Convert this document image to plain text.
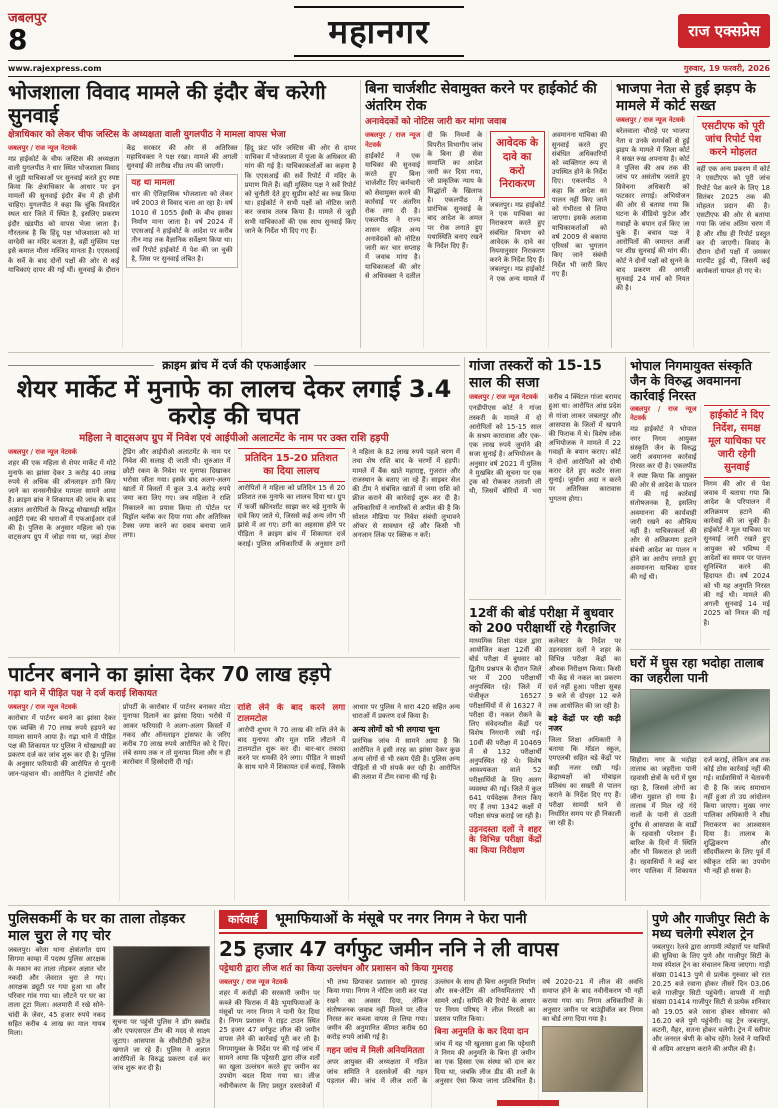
जबलपुर
8	महानगर	राज एक्सप्रेस
www.rajexpress.com	गुरुवार, 19 फरवरी, 2026
भोजशाला विवाद मामले की इंदौर बेंच करेगी सुनवाई
क्षेत्राधिकार को लेकर चीफ जस्टिस के अध्यक्षता वाली युगलपीठ ने मामला वापस भेजा
जबलपुर / राज न्यूज नेटवर्क
मप्र हाईकोर्ट के चीफ जस्टिस की अध्यक्षता वाली युगलपीठ ने धार स्थित भोजशाला विवाद से जुड़ी याचिकाओं पर सुनवाई करते हुए स्पष्ट किया कि क्षेत्राधिकार के आधार पर इन मामलों की सुनवाई इंदौर बेंच में ही होनी चाहिए। युगलपीठ ने कहा कि चूंकि विवादित स्थल धार जिले में स्थित है, इसलिए प्रकरण इंदौर खंडपीठ को वापस भेजा जाता है। गौरतलब है कि हिंदू पक्ष भोजशाला को मां वाग्देवी का मंदिर बताता है, वहीं मुस्लिम पक्ष इसे कमाल मौला मस्जिद मानता है। एएसआई के सर्वे के बाद दोनों पक्षों की ओर से कई याचिकाएं दायर की गई थीं। सुनवाई के दौरान केंद्र सरकार की ओर से अतिरिक्त महाधिवक्ता ने पक्ष रखा। मामले की अगली सुनवाई की तारीख शीघ्र तय की जाएगी।
यह था मामला
धार की ऐतिहासिक भोजशाला को लेकर वर्ष 2003 से विवाद चला आ रहा है। वर्ष 1010 से 1055 ईस्वी के बीच इसका निर्माण माना जाता है। वर्ष 2024 में एएसआई ने हाईकोर्ट के आदेश पर करीब तीन माह तक वैज्ञानिक सर्वेक्षण किया था। सर्वे रिपोर्ट हाईकोर्ट में पेश की जा चुकी है, जिस पर सुनवाई लंबित है।
हिंदू फ्रंट फॉर जस्टिस की ओर से दायर याचिका में भोजशाला में पूजा के अधिकार की मांग की गई है। याचिकाकर्ताओं का कहना है कि एएसआई की सर्वे रिपोर्ट में मंदिर के प्रमाण मिले हैं। वहीं मुस्लिम पक्ष ने सर्वे रिपोर्ट को चुनौती देते हुए सुप्रीम कोर्ट का रुख किया था। हाईकोर्ट ने सभी पक्षों को नोटिस जारी कर जवाब तलब किया है। मामले से जुड़ी सभी याचिकाओं की एक साथ सुनवाई किए जाने के निर्देश भी दिए गए हैं।
बिना चार्जशीट सेवामुक्त करने पर हाईकोर्ट की अंतरिम रोक
अनावेदकों को नोटिस जारी कर मांगा जवाब
जबलपुर / राज न्यूज नेटवर्क
हाईकोर्ट ने एक याचिका की सुनवाई करते हुए बिना चार्जशीट दिए कर्मचारी को सेवामुक्त करने की कार्रवाई पर अंतरिम रोक लगा दी है। एकलपीठ ने राज्य शासन सहित अन्य अनावेदकों को नोटिस जारी कर चार सप्ताह में जवाब मांगा है। याचिकाकर्ता की ओर से अधिवक्ता ने दलील दी कि नियमों के विपरीत विभागीय जांच के बिना ही सेवा समाप्ति का आदेश जारी कर दिया गया, जो प्राकृतिक न्याय के सिद्धांतों के खिलाफ है। एकलपीठ ने प्रारंभिक सुनवाई के बाद आदेश के अमल पर रोक लगाते हुए यथास्थिति बनाए रखने के निर्देश दिए हैं।
आवेदक के दावे का करो निराकरण
जबलपुर। मप्र हाईकोर्ट ने एक याचिका का निराकरण करते हुए संबंधित विभाग को आवेदक के दावे का नियमानुसार निराकरण करने के निर्देश दिए हैं। जबलपुर। मप्र हाईकोर्ट ने एक अन्य मामले में अवमानना याचिका की सुनवाई करते हुए संबंधित अधिकारियों को व्यक्तिगत रूप से उपस्थित होने के निर्देश दिए। एकलपीठ ने कहा कि आदेश का पालन नहीं किए जाने को गंभीरता से लिया जाएगा। इसके अलावा याचिकाकर्ताओं को वर्ष 2009 से बकाया एरियर्स का भुगतान किए जाने संबंधी निर्देश भी जारी किए गए हैं।
भाजपा नेता से हुई झड़प के मामले में कोर्ट सख्त
जबलपुर / राज न्यूज नेटवर्क
बरेलवाला चौराहे पर भाजपा नेता व उनके समर्थकों से हुई झड़प के मामले में जिला कोर्ट ने सख्त रुख अपनाया है। कोर्ट ने पुलिस की अब तक की जांच पर असंतोष जताते हुए विवेचना अधिकारी को फटकार लगाई। अभियोजन की ओर से बताया गया कि घटना के वीडियो फुटेज और गवाहों के बयान दर्ज किए जा चुके हैं। बचाव पक्ष ने आरोपितों की जमानत अर्जी पर शीघ्र सुनवाई की मांग की। कोर्ट ने दोनों पक्षों को सुनने के बाद प्रकरण की अगली सुनवाई 24 मार्च को नियत की है।
एसटीएफ को पूरी जांच रिपोर्ट पेश करने मोहलत
वहीं एक अन्य प्रकरण में कोर्ट ने एसटीएफ को पूरी जांच रिपोर्ट पेश करने के लिए 18 सितंबर 2025 तक की मोहलत प्रदान की है। एसटीएफ की ओर से बताया गया कि जांच अंतिम चरण में है और शीघ्र ही रिपोर्ट प्रस्तुत कर दी जाएगी। विवाद के दौरान दोनों पक्षों में जमकर मारपीट हुई थी, जिसमें कई कार्यकर्ता घायल हो गए थे।
क्राइम ब्रांच में दर्ज की एफआईआर
शेयर मार्केट में मुनाफे का लालच देकर लगाई 3.4 करोड़ की चपत
महिला ने वाट्सअप ग्रुप में निवेश एवं आईपीओ अलाटमेंट के नाम पर उक्त राशि हड़पी
जबलपुर / राज न्यूज नेटवर्क
शहर की एक महिला से शेयर मार्केट में मोटे मुनाफे का झांसा देकर 3 करोड़ 40 लाख रुपये से अधिक की ऑनलाइन ठगी किए जाने का सनसनीखेज मामला सामने आया है। क्राइम ब्रांच ने शिकायत की जांच के बाद अज्ञात आरोपितों के विरुद्ध धोखाधड़ी सहित आईटी एक्ट की धाराओं में एफआईआर दर्ज की है। पुलिस के अनुसार महिला को एक वाट्सअप ग्रुप में जोड़ा गया था, जहां शेयर ट्रेडिंग और आईपीओ अलाटमेंट के नाम पर निवेश की सलाह दी जाती थी। शुरुआत में छोटी रकम के निवेश पर मुनाफा दिखाकर भरोसा जीता गया। इसके बाद अलग-अलग खातों में किस्तों में कुल 3.4 करोड़ रुपये जमा करा लिए गए। जब महिला ने राशि निकालने का प्रयास किया तो पोर्टल पर विड्रॉल ब्लॉक कर दिया गया और अतिरिक्त टैक्स जमा करने का दबाव बनाया जाने लगा।
प्रतिदिन 15-20 प्रतिशत का दिया लालच
आरोपितों ने महिला को प्रतिदिन 15 से 20 प्रतिशत तक मुनाफे का लालच दिया था। ग्रुप में फर्जी स्क्रीनशॉट साझा कर बड़े मुनाफे के दावे किए जाते थे, जिससे कई अन्य लोग भी झांसे में आ गए। ठगी का अहसास होने पर पीड़िता ने क्राइम ब्रांच में शिकायत दर्ज कराई। पुलिस अधिकारियों के अनुसार ठगों ने महिला के 82 लाख रुपये पहले चरण में तथा शेष राशि बाद के चरणों में हड़पी। मामले में बैंक खाते महाराष्ट्र, गुजरात और राजस्थान के बताए जा रहे हैं। साइबर सेल की टीम ने संबंधित खातों में जमा राशि को फ्रीज कराने की कार्रवाई शुरू कर दी है। अधिकारियों ने नागरिकों से अपील की है कि सोशल मीडिया पर निवेश संबंधी लुभावने ऑफर से सावधान रहें और किसी भी अनजान लिंक पर क्लिक न करें।
पार्टनर बनाने का झांसा देकर 70 लाख हड़पे
गढ़ा थाने में पीड़ित पक्ष ने दर्ज कराई शिकायत
जबलपुर / राज न्यूज नेटवर्क
कारोबार में पार्टनर बनाने का झांसा देकर एक व्यक्ति से 70 लाख रुपये हड़पने का मामला सामने आया है। गढ़ा थाने में पीड़ित पक्ष की शिकायत पर पुलिस ने धोखाधड़ी का प्रकरण दर्ज कर जांच शुरू कर दी है। पुलिस के अनुसार फरियादी की आरोपित से पुरानी जान-पहचान थी। आरोपित ने ट्रांसपोर्ट और प्रॉपर्टी के कारोबार में पार्टनर बनाकर मोटा मुनाफा दिलाने का झांसा दिया। भरोसे में आकर फरियादी ने अलग-अलग किस्तों में नकद और ऑनलाइन ट्रांसफर के जरिए करीब 70 लाख रुपये आरोपित को दे दिए। लंबे समय तक न तो मुनाफा मिला और न ही कारोबार में हिस्सेदारी दी गई।
राशि लेने के बाद करने लगा टालमटोल
आरोपी शुभम ने 70 लाख की राशि लेने के बाद मुनाफा और मूल राशि लौटाने में टालमटोल शुरू कर दी। बार-बार तकादा करने पर धमकी देने लगा। पीड़ित ने साक्ष्यों के साथ थाने में शिकायत दर्ज कराई, जिसके आधार पर पुलिस ने धारा 420 सहित अन्य धाराओं में प्रकरण दर्ज किया है।
अन्य लोगों को भी लगाया चूना
प्रारंभिक जांच में सामने आया है कि आरोपित ने इसी तरह का झांसा देकर कुछ अन्य लोगों से भी रकम ऐंठी है। पुलिस अन्य पीड़ितों से भी संपर्क कर रही है। आरोपित की तलाश में टीम रवाना की गई है।
गांजा तस्करों को 15-15 साल की सजा
जबलपुर / राज न्यूज नेटवर्क
एनडीपीएस कोर्ट ने गांजा तस्करी के मामले में दो आरोपितों को 15-15 साल के सश्रम कारावास और एक-एक लाख रुपये जुर्माने की सजा सुनाई है। अभियोजन के अनुसार वर्ष 2021 में पुलिस ने मुखबिर की सूचना पर एक ट्रक को रोककर तलाशी ली थी, जिसमें बोरियों में भरा करीब 4 क्विंटल गांजा बरामद हुआ था। आरोपित आंध्र प्रदेश से गांजा लाकर जबलपुर और आसपास के जिलों में खपाने की फिराक में थे। विशेष लोक अभियोजक ने मामले में 22 गवाहों के बयान कराए। कोर्ट ने दोनों आरोपितों को दोषी करार देते हुए कठोर सजा सुनाई। जुर्माना अदा न करने पर अतिरिक्त कारावास भुगतना होगा।
12वीं की बोर्ड परीक्षा में बुधवार को 200 परीक्षार्थी रहे गैरहाजिर
माध्यमिक शिक्षा मंडल द्वारा आयोजित कक्षा 12वीं की बोर्ड परीक्षा में बुधवार को द्वितीय प्रश्नपत्र के दौरान जिले भर में 200 परीक्षार्थी अनुपस्थित रहे। जिले में पंजीकृत 16527 परीक्षार्थियों में से 16327 ने परीक्षा दी। नकल रोकने के लिए संवेदनशील केंद्रों पर विशेष निगरानी रखी गई। 10वीं की परीक्षा में 10469 में से 132 परीक्षार्थी अनुपस्थित रहे थे। विशेष आवश्यकता वाले 52 परीक्षार्थियों के लिए अलग व्यवस्था की गई। जिले में कुल 641 पर्यवेक्षक तैनात किए गए हैं तथा 1342 कक्षों में परीक्षा संपन्न कराई जा रही है।
उड़नदस्ता दलों ने शहर के विभिन्न परीक्षा केंद्रों का किया निरीक्षण
कलेक्टर के निर्देश पर उड़नदस्ता दलों ने शहर के विभिन्न परीक्षा केंद्रों का औचक निरीक्षण किया। किसी भी केंद्र से नकल का प्रकरण दर्ज नहीं हुआ। परीक्षा सुबह 9 बजे से दोपहर 12 बजे तक आयोजित की जा रही है।
बड़े केंद्रों पर रही कड़ी नजर
जिला शिक्षा अधिकारी ने बताया कि मॉडल स्कूल, एमएलबी सहित बड़े केंद्रों पर कड़ी नजर रखी गई। केंद्राध्यक्षों को मोबाइल प्रतिबंध का सख्ती से पालन कराने के निर्देश दिए गए हैं। परीक्षा सामग्री थाने से निर्धारित समय पर ही निकाली जा रही है।
भोपाल निगमायुक्त संस्कृति जैन के विरुद्ध अवमानना कार्रवाई निरस्त
जबलपुर / राज न्यूज नेटवर्क
मप्र हाईकोर्ट ने भोपाल नगर निगम आयुक्त संस्कृति जैन के विरुद्ध जारी अवमानना कार्रवाई निरस्त कर दी है। एकलपीठ ने स्पष्ट किया कि आयुक्त की ओर से आदेश के पालन में की गई कार्रवाई संतोषजनक है, इसलिए अवमानना की कार्यवाही जारी रखने का औचित्य नहीं है। याचिकाकर्ता की ओर से अतिक्रमण हटाने संबंधी आदेश का पालन न होने का आरोप लगाते हुए अवमानना याचिका दायर की गई थी।
हाईकोर्ट ने दिए निर्देश, समक्ष मूल याचिका पर जारी रहेगी सुनवाई
निगम की ओर से पेश जवाब में बताया गया कि आदेश के परिपालन में अतिक्रमण हटाने की कार्रवाई की जा चुकी है। हाईकोर्ट ने मूल याचिका पर सुनवाई जारी रखते हुए आयुक्त को भविष्य में आदेशों का समय पर पालन सुनिश्चित करने की हिदायत दी। वर्ष 2024 को भी यह अनुमति निरस्त की गई थी। मामले की अगली सुनवाई 14 मई 2025 को नियत की गई है।
घरों में घुस रहा भदोहा तालाब का जहरीला पानी
सिहोरा। नगर के भदोहा तालाब का जहरीला पानी रहवासी क्षेत्रों के घरों में घुस रहा है, जिससे लोगों का जीना मुहाल हो गया है। तालाब में मिल रहे गंदे नालों के पानी से उठती दुर्गंध से आसपास के वार्डों के रहवासी परेशान हैं। बारिश के दिनों में स्थिति और भी विकराल हो जाती है। रहवासियों ने कई बार नगर पालिका में शिकायत दर्ज कराई, लेकिन अब तक कोई ठोस कार्रवाई नहीं की गई। वार्डवासियों ने चेतावनी दी है कि जल्द समाधान नहीं हुआ तो उग्र आंदोलन किया जाएगा। मुख्य नगर पालिका अधिकारी ने शीघ्र निराकरण का आश्वासन दिया है। तालाब के शुद्धिकरण और सौंदर्यीकरण के लिए पूर्व में स्वीकृत राशि का उपयोग भी नहीं हो सका है।
पुलिसकर्मी के घर का ताला तोड़कर माल चुरा ले गए चोर
जबलपुर। बरेला थाना क्षेत्रांतर्गत ग्राम सिगमा काम्हा में पदस्थ पुलिस आरक्षक के मकान का ताला तोड़कर अज्ञात चोर नकदी और जेवरात चुरा ले गए। आरक्षक ड्यूटी पर गया हुआ था और परिवार गांव गया था। लौटने पर घर का ताला टूटा मिला। अलमारी में रखे सोने-चांदी के जेवर, 45 हजार रुपये नकद सहित करीब 4 लाख का माल गायब मिला।
सूचना पर पहुंची पुलिस ने डॉग स्क्वॉड और एफएसएल टीम की मदद से साक्ष्य जुटाए। आसपास के सीसीटीवी फुटेज खंगाले जा रहे हैं। पुलिस ने अज्ञात आरोपितों के विरुद्ध प्रकरण दर्ज कर जांच शुरू कर दी है।
कार्रवाई	भूमाफियाओं के मंसूबे पर नगर निगम ने फेरा पानी
25 हजार 47 वर्गफुट जमीन ननि ने ली वापस
पट्टेधारी द्वारा लीज शर्त का किया उल्लंघन और प्रशासन को किया गुमराह
जबलपुर / राज न्यूज नेटवर्क
शहर में करोड़ों की सरकारी जमीन पर कब्जे की फिराक में बैठे भूमाफियाओं के मंसूबों पर नगर निगम ने पानी फेर दिया है। निगम प्रशासन ने राइट टाउन स्थित 25 हजार 47 वर्गफुट लीज की जमीन वापस लेने की कार्रवाई पूरी कर ली है। निगमायुक्त के निर्देश पर की गई जांच में सामने आया कि पट्टेधारी द्वारा लीज शर्तों का खुला उल्लंघन करते हुए जमीन का उपयोग बदल दिया गया था। लीज नवीनीकरण के लिए प्रस्तुत दस्तावेजों में भी तथ्य छिपाकर प्रशासन को गुमराह किया गया। निगम ने नोटिस जारी कर पक्ष रखने का अवसर दिया, लेकिन संतोषजनक जवाब नहीं मिलने पर लीज निरस्त कर कब्जा वापस ले लिया गया। जमीन की अनुमानित कीमत करीब 60 करोड़ रुपये आंकी गई है।
गहन जांच में मिली अनियमितता
अपर आयुक्त की अध्यक्षता में गठित जांच समिति ने दस्तावेजों की गहन पड़ताल की। जांच में लीज शर्तों के उल्लंघन के साथ ही बिना अनुमति निर्माण और सब-लेटिंग की अनियमितताएं भी सामने आईं। समिति की रिपोर्ट के आधार पर निगम परिषद ने लीज निरस्ती का प्रस्ताव पारित किया।
बिना अनुमति के कर दिया दान
जांच में यह भी खुलासा हुआ कि पट्टेधारी ने निगम की अनुमति के बिना ही जमीन का एक हिस्सा एक संस्था को दान कर दिया था, जबकि लीज डीड की शर्तों के अनुसार ऐसा किया जाना प्रतिबंधित है। वर्ष 2020-21 में लीज की अवधि समाप्त होने के बाद नवीनीकरण भी नहीं कराया गया था। निगम अधिकारियों के अनुसार जमीन पर बाउंड्रीवॉल कर निगम का बोर्ड लगा दिया गया है।
पुणे और गाजीपुर सिटी के मध्य चलेगी स्पेशल ट्रेन
जबलपुर। रेलवे द्वारा आगामी त्योहारों पर यात्रियों की सुविधा के लिए पुणे और गाजीपुर सिटी के मध्य स्पेशल ट्रेन का संचालन किया जाएगा। गाड़ी संख्या 01413 पुणे से प्रत्येक गुरुवार को रात 20.25 बजे रवाना होकर तीसरे दिन 03.06 बजे गाजीपुर सिटी पहुंचेगी। वापसी में गाड़ी संख्या 01414 गाजीपुर सिटी से प्रत्येक शनिवार को 19.05 बजे रवाना होकर सोमवार को 16.20 बजे पुणे पहुंचेगी। यह ट्रेन जबलपुर, कटनी, मैहर, सतना होकर चलेगी। ट्रेन में स्लीपर और जनरल श्रेणी के कोच रहेंगे। रेलवे ने यात्रियों से अग्रिम आरक्षण कराने की अपील की है।
